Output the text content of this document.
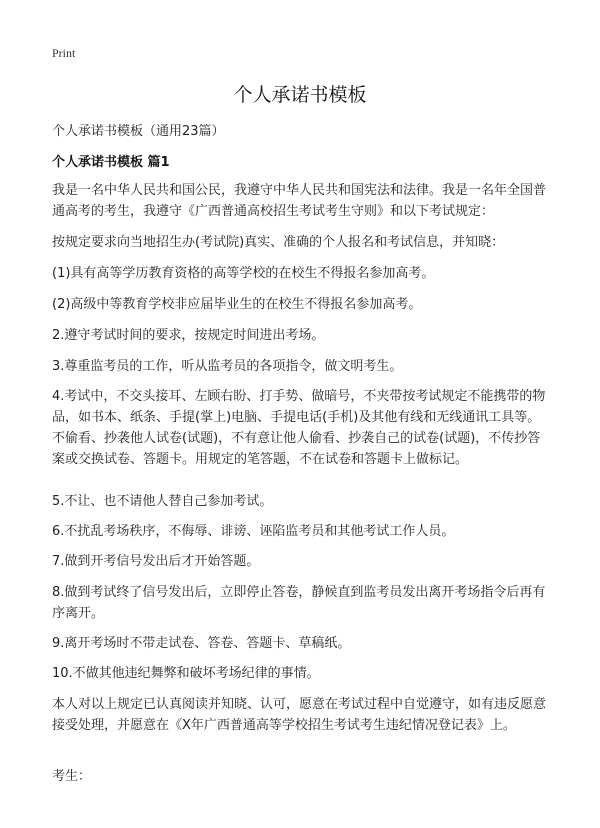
Print
个人承诺书模板

个人承诺书模板（通用23篇）

个人承诺书模板 篇1

我是一名中华人民共和国公民，我遵守中华人民共和国宪法和法律。我是一名年全国普通高考的考生，我遵守《广西普通高校招生考试考生守则》和以下考试规定：

按规定要求向当地招生办(考试院)真实、准确的个人报名和考试信息，并知晓：

(1)具有高等学历教育资格的高等学校的在校生不得报名参加高考。

(2)高级中等教育学校非应届毕业生的在校生不得报名参加高考。

2.遵守考试时间的要求，按规定时间进出考场。

3.尊重监考员的工作，听从监考员的各项指令，做文明考生。

4.考试中，不交头接耳、左顾右盼、打手势、做暗号，不夹带按考试规定不能携带的物品，如书本、纸条、手提(掌上)电脑、手提电话(手机)及其他有线和无线通讯工具等。不偷看、抄袭他人试卷(试题)，不有意让他人偷看、抄袭自己的试卷(试题)，不传抄答案或交换试卷、答题卡。用规定的笔答题，不在试卷和答题卡上做标记。

5.不让、也不请他人替自己参加考试。

6.不扰乱考场秩序，不侮辱、诽谤、诬陷监考员和其他考试工作人员。

7.做到开考信号发出后才开始答题。

8.做到考试终了信号发出后，立即停止答卷，静候直到监考员发出离开考场指令后再有序离开。

9.离开考场时不带走试卷、答卷、答题卡、草稿纸。

10.不做其他违纪舞弊和破坏考场纪律的事情。

本人对以上规定已认真阅读并知晓、认可，愿意在考试过程中自觉遵守，如有违反愿意接受处理，并愿意在《X年广西普通高等学校招生考试考生违纪情况登记表》上。

考生：
